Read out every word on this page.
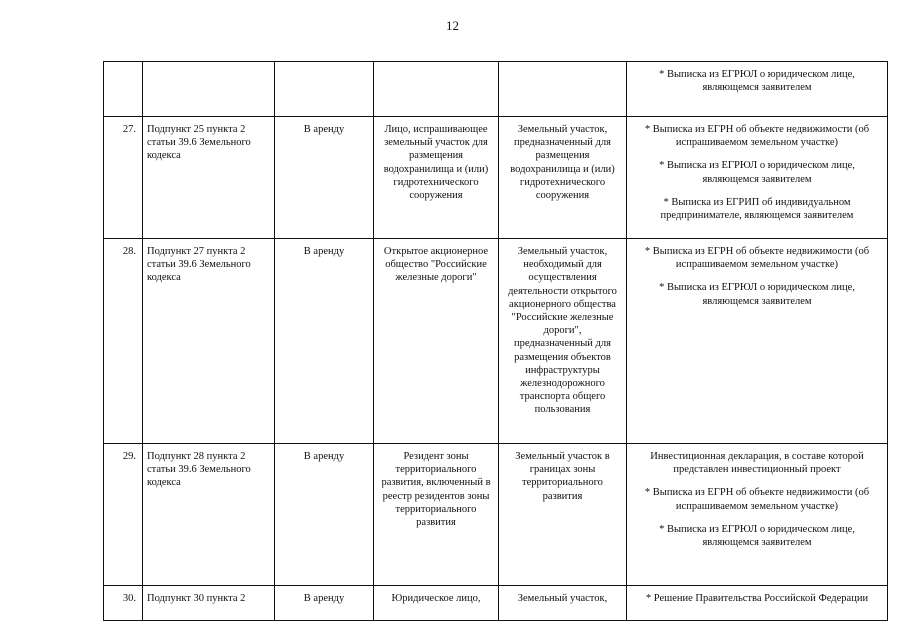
12

					* Выписка из ЕГРЮЛ о юридическом лице, являющемся заявителем

27.	Подпункт 25 пункта 2 статьи 39.6 Земельного кодекса	В аренду	Лицо, испрашивающее земельный участок для размещения водохранилища и (или) гидротехнического сооружения	Земельный участок, предназначенный для размещения водохранилища и (или) гидротехнического сооружения	* Выписка из ЕГРН об объекте недвижимости (об испрашиваемом земельном участке)
* Выписка из ЕГРЮЛ о юридическом лице, являющемся заявителем
* Выписка из ЕГРИП об индивидуальном предпринимателе, являющемся заявителем

28.	Подпункт 27 пункта 2 статьи 39.6 Земельного кодекса	В аренду	Открытое акционерное общество "Российские железные дороги"	Земельный участок, необходимый для осуществления деятельности открытого акционерного общества "Российские железные дороги", предназначенный для размещения объектов инфраструктуры железнодорожного транспорта общего пользования	* Выписка из ЕГРН об объекте недвижимости (об испрашиваемом земельном участке)
* Выписка из ЕГРЮЛ о юридическом лице, являющемся заявителем

29.	Подпункт 28 пункта 2 статьи 39.6 Земельного кодекса	В аренду	Резидент зоны территориального развития, включенный в реестр резидентов зоны территориального развития	Земельный участок в границах зоны территориального развития	Инвестиционная декларация, в составе которой представлен инвестиционный проект
* Выписка из ЕГРН об объекте недвижимости (об испрашиваемом земельном участке)
* Выписка из ЕГРЮЛ о юридическом лице, являющемся заявителем

30.	Подпункт 30 пункта 2	В аренду	Юридическое лицо,	Земельный участок,	* Решение Правительства Российской Федерации
